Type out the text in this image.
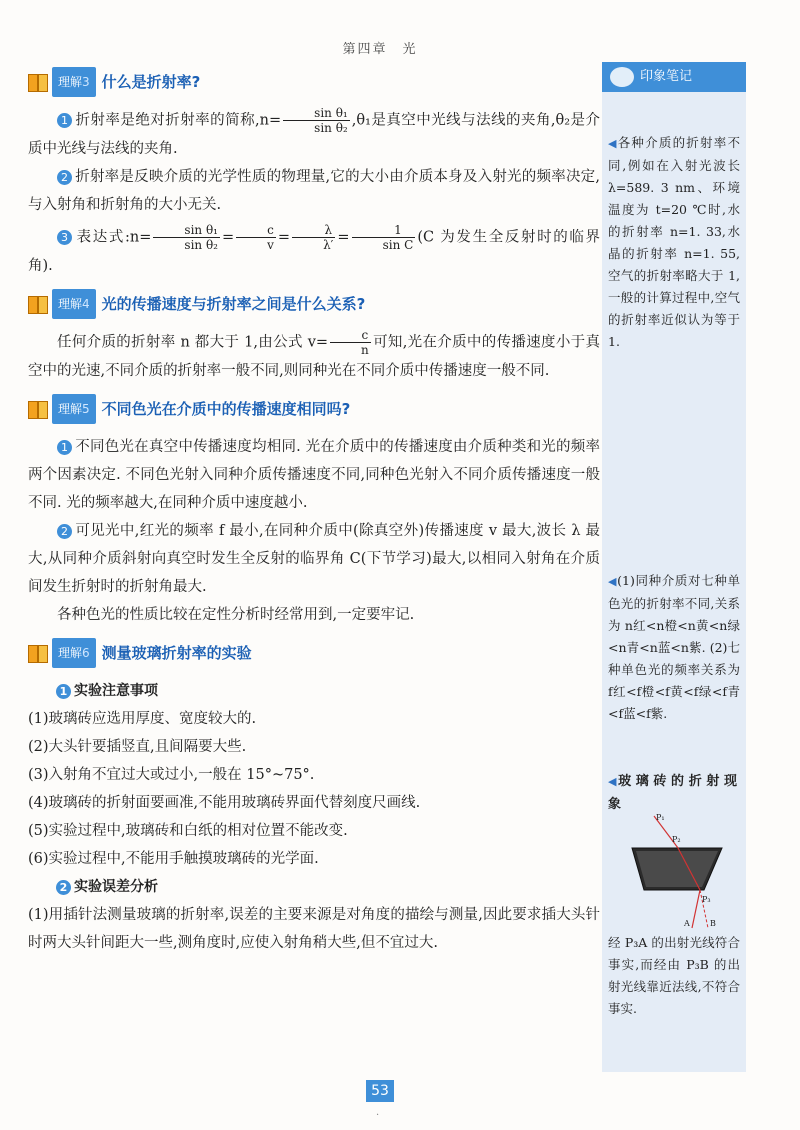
第四章　光
理解3 什么是折射率?

1 折射率是绝对折射率的简称$,n= \frac{\text{sin θ₁}}{\text{sin θ₂}} ,\theta_1$是真空中光线与法线的夹角,θ₂是介质中光线与法线的夹角.

2 折射率是反映介质的光学性质的物理量,它的大小由介质本身及入射光的频率决定,与入射角和折射角的大小无关.

3 表达式:n= $\frac{\text{sin θ₁}}{\text{sin θ₂}} = \frac{c}{v} = \frac{\lambda}{\lambda'} = \frac{1}{\text{sin C}} (C$ 为发生全反射时的临界角).

理解4 光的传播速度与折射率之间是什么关系?

任何介质的折射率 n 都大于 1,由公式 $v= \frac{c}{n}$ 可知,光在介质中的传播速度小于真空中的光速,不同介质的折射率一般不同,则同种光在不同介质中传播速度一般不同.

理解5 不同色光在介质中的传播速度相同吗?

1 不同色光在真空中传播速度均相同. 光在介质中的传播速度由介质种类和光的频率两个因素决定. 不同色光射入同种介质传播速度不同,同种色光射入不同介质传播速度一般不同. 光的频率越大,在同种介质中速度越小.

2 可见光中,红光的频率 f 最小,在同种介质中(除真空外)传播速度 v 最大,波长 λ 最大,从同种介质斜射向真空时发生全反射的临界角 C(下节学习)最大,以相同入射角在介质间发生折射时的折射角最大.

各种色光的性质比较在定性分析时经常用到,一定要牢记.

理解6 测量玻璃折射率的实验

1 实验注意事项

(1)玻璃砖应选用厚度、宽度较大的.

(2)大头针要插竖直,且间隔要大些.

(3)入射角不宜过大或过小,一般在 15°~75°.

(4)玻璃砖的折射面要画准,不能用玻璃砖界面代替刻度尺画线.

(5)实验过程中,玻璃砖和白纸的相对位置不能改变.

(6)实验过程中,不能用手触摸玻璃砖的光学面.

2 实验误差分析

(1)用插针法测量玻璃的折射率,误差的主要来源是对角度的描绘与测量,因此要求插大头针时两大头针间距大一些,测角度时,应使入射角稍大些,但不宜过大.

印象笔记
◀各种介质的折射率不同,例如在入射光波长 λ=589. 3 nm、环境温度为 t=20 ℃时,水的折射率 n=1. 33,水晶的折射率 n=1. 55,空气的折射率略大于 1,一般的计算过程中,空气的折射率近似认为等于 1.
◀(1)同种介质对七种单色光的折射率不同,关系为 n红<n橙<n黄<n绿<n青<n蓝<n紫. (2)七种单色光的频率关系为 f红<f橙<f黄<f绿<f青<f蓝<f紫.
◀玻璃砖的折射现象
P₁
P₂
P₃
A	B
经 P₃A 的出射光线符合事实,而经由 P₃B 的出射光线靠近法线,不符合事实.
53
·
